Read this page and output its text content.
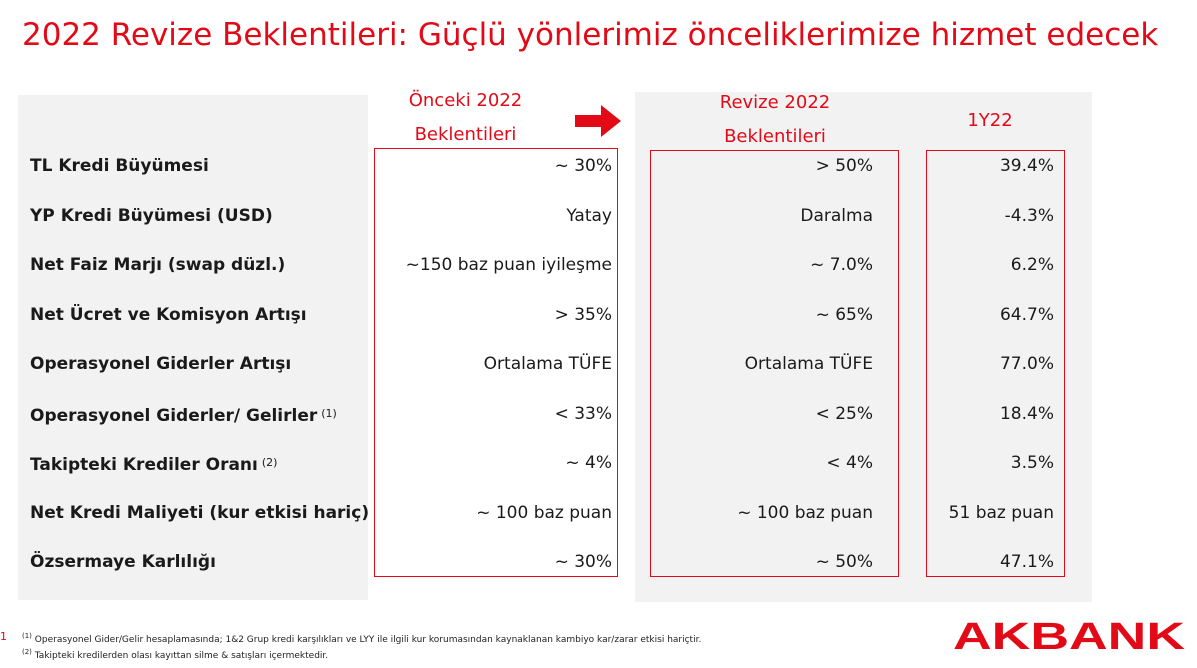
2022 Revize Beklentileri: Güçlü yönlerimiz önceliklerimize hizmet edecek
Önceki 2022
Beklentileri
Revize 2022
Beklentileri
1Y22
TL Kredi Büyümesi	~ 30%	> 50%	39.4%
YP Kredi Büyümesi (USD)	Yatay	Daralma	-4.3%
Net Faiz Marjı (swap düzl.)	~150 baz puan iyileşme	~ 7.0%	6.2%
Net Ücret ve Komisyon Artışı	> 35%	~ 65%	64.7%
Operasyonel Giderler Artışı	Ortalama TÜFE	Ortalama TÜFE	77.0%
Operasyonel Giderler/ Gelirler $^{(1)}$	< 33%	< 25%	18.4%
Takipteki Krediler Oranı $^{(2)}$	~ 4%	< 4%	3.5%
Net Kredi Maliyeti (kur etkisi hariç)	~ 100 baz puan	~ 100 baz puan	51 baz puan
Özsermaye Karlılığı	~ 30%	~ 50%	47.1%
1 $^{(1)}$ Operasyonel Gider/Gelir hesaplamasında; 1&2 Grup kredi karşılıkları ve LYY ile ilgili kur korumasından kaynaklanan kambiyo kar/zarar etkisi hariçtir.
$^{(2)}$ Takipteki kredilerden olası kayıttan silme & satışları içermektedir.	AKBANK
